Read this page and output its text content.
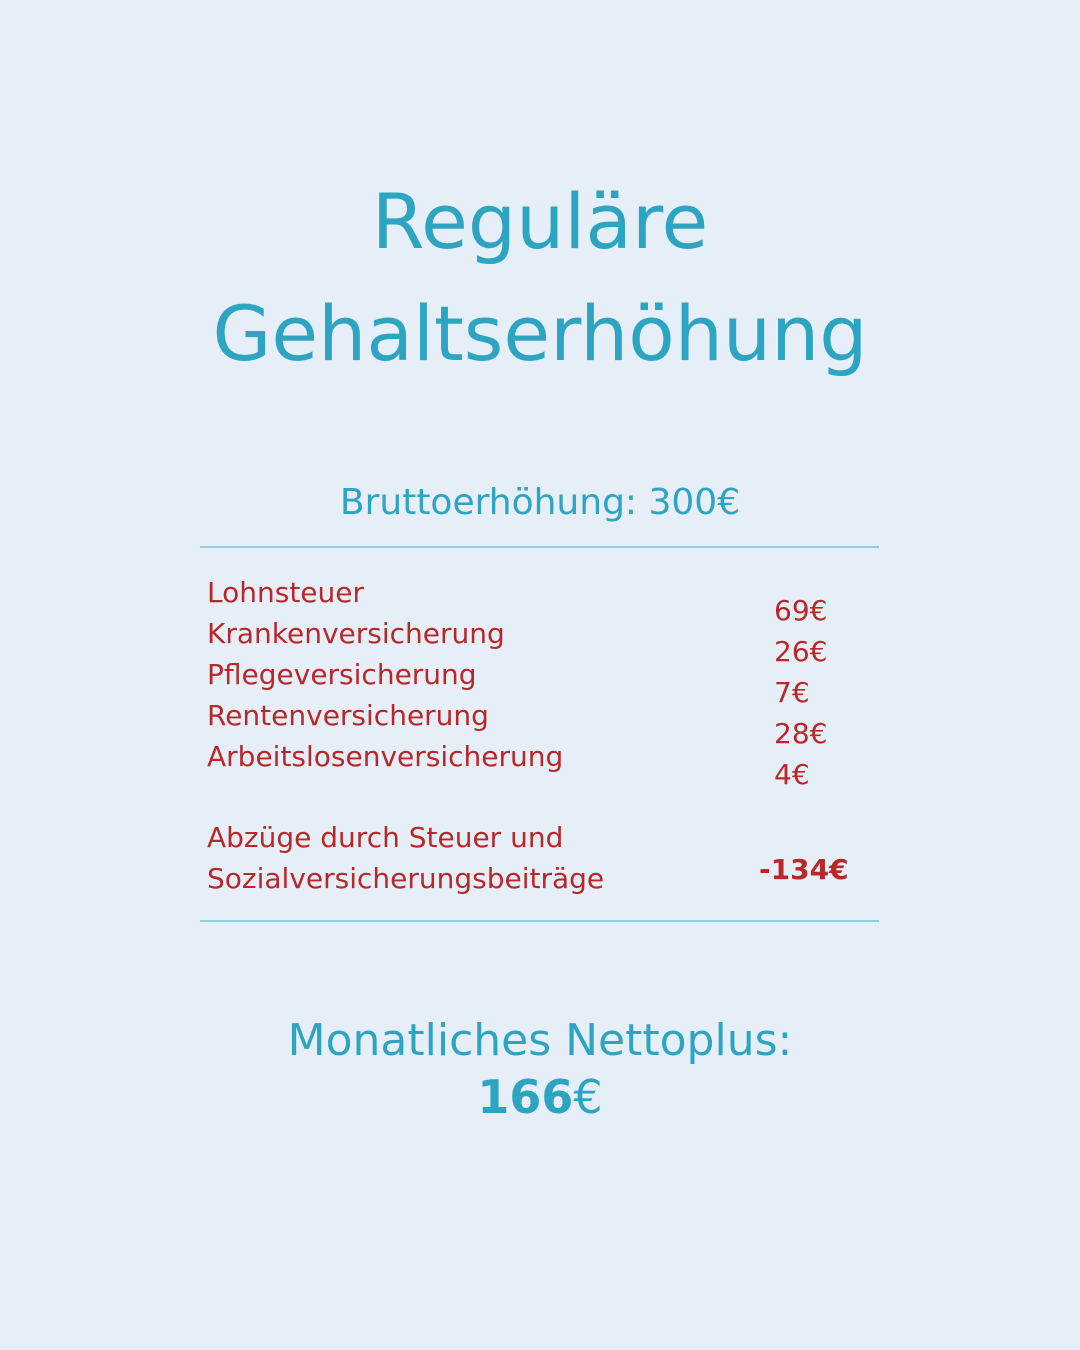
Reguläre
Gehaltserhöhung
Bruttoerhöhung: 300€
Lohnsteuer
Krankenversicherung
Pflegeversicherung
Rentenversicherung
Arbeitslosenversicherung
69€
26€
7€
28€
4€
Abzüge durch Steuer und
Sozialversicherungsbeiträge	-134€
Monatliches Nettoplus:
166€
